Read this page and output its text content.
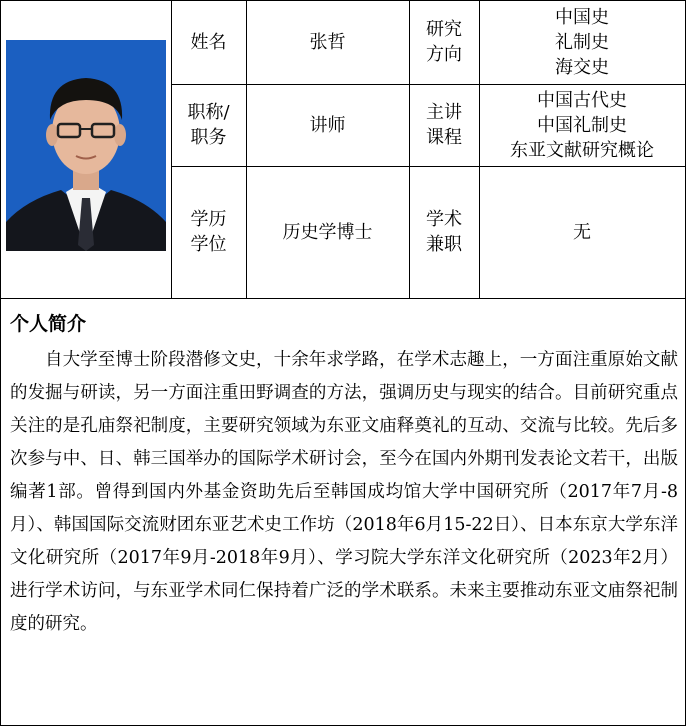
姓名	张哲
研究
方向
中国史
礼制史
海交史
职称/
职务
讲师
主讲
课程
中国古代史
中国礼制史
东亚文献研究概论
学历
学位
历史学博士
学术
兼职
无
个人简介

自大学至博士阶段潜修文史，十余年求学路，在学术志趣上，一方面注重原始文献的发掘与研读，另一方面注重田野调查的方法，强调历史与现实的结合。目前研究重点关注的是孔庙祭祀制度，主要研究领域为东亚文庙释奠礼的互动、交流与比较。先后多次参与中、日、韩三国举办的国际学术研讨会，至今在国内外期刊发表论文若干，出版编著1部。曾得到国内外基金资助先后至韩国成均馆大学中国研究所（2017年7月-8月）、韩国国际交流财团东亚艺术史工作坊（2018年6月15-22日）、日本东京大学东洋文化研究所（2017年9月-2018年9月）、学习院大学东洋文化研究所（2023年2月）进行学术访问，与东亚学术同仁保持着广泛的学术联系。未来主要推动东亚文庙祭祀制度的研究。
